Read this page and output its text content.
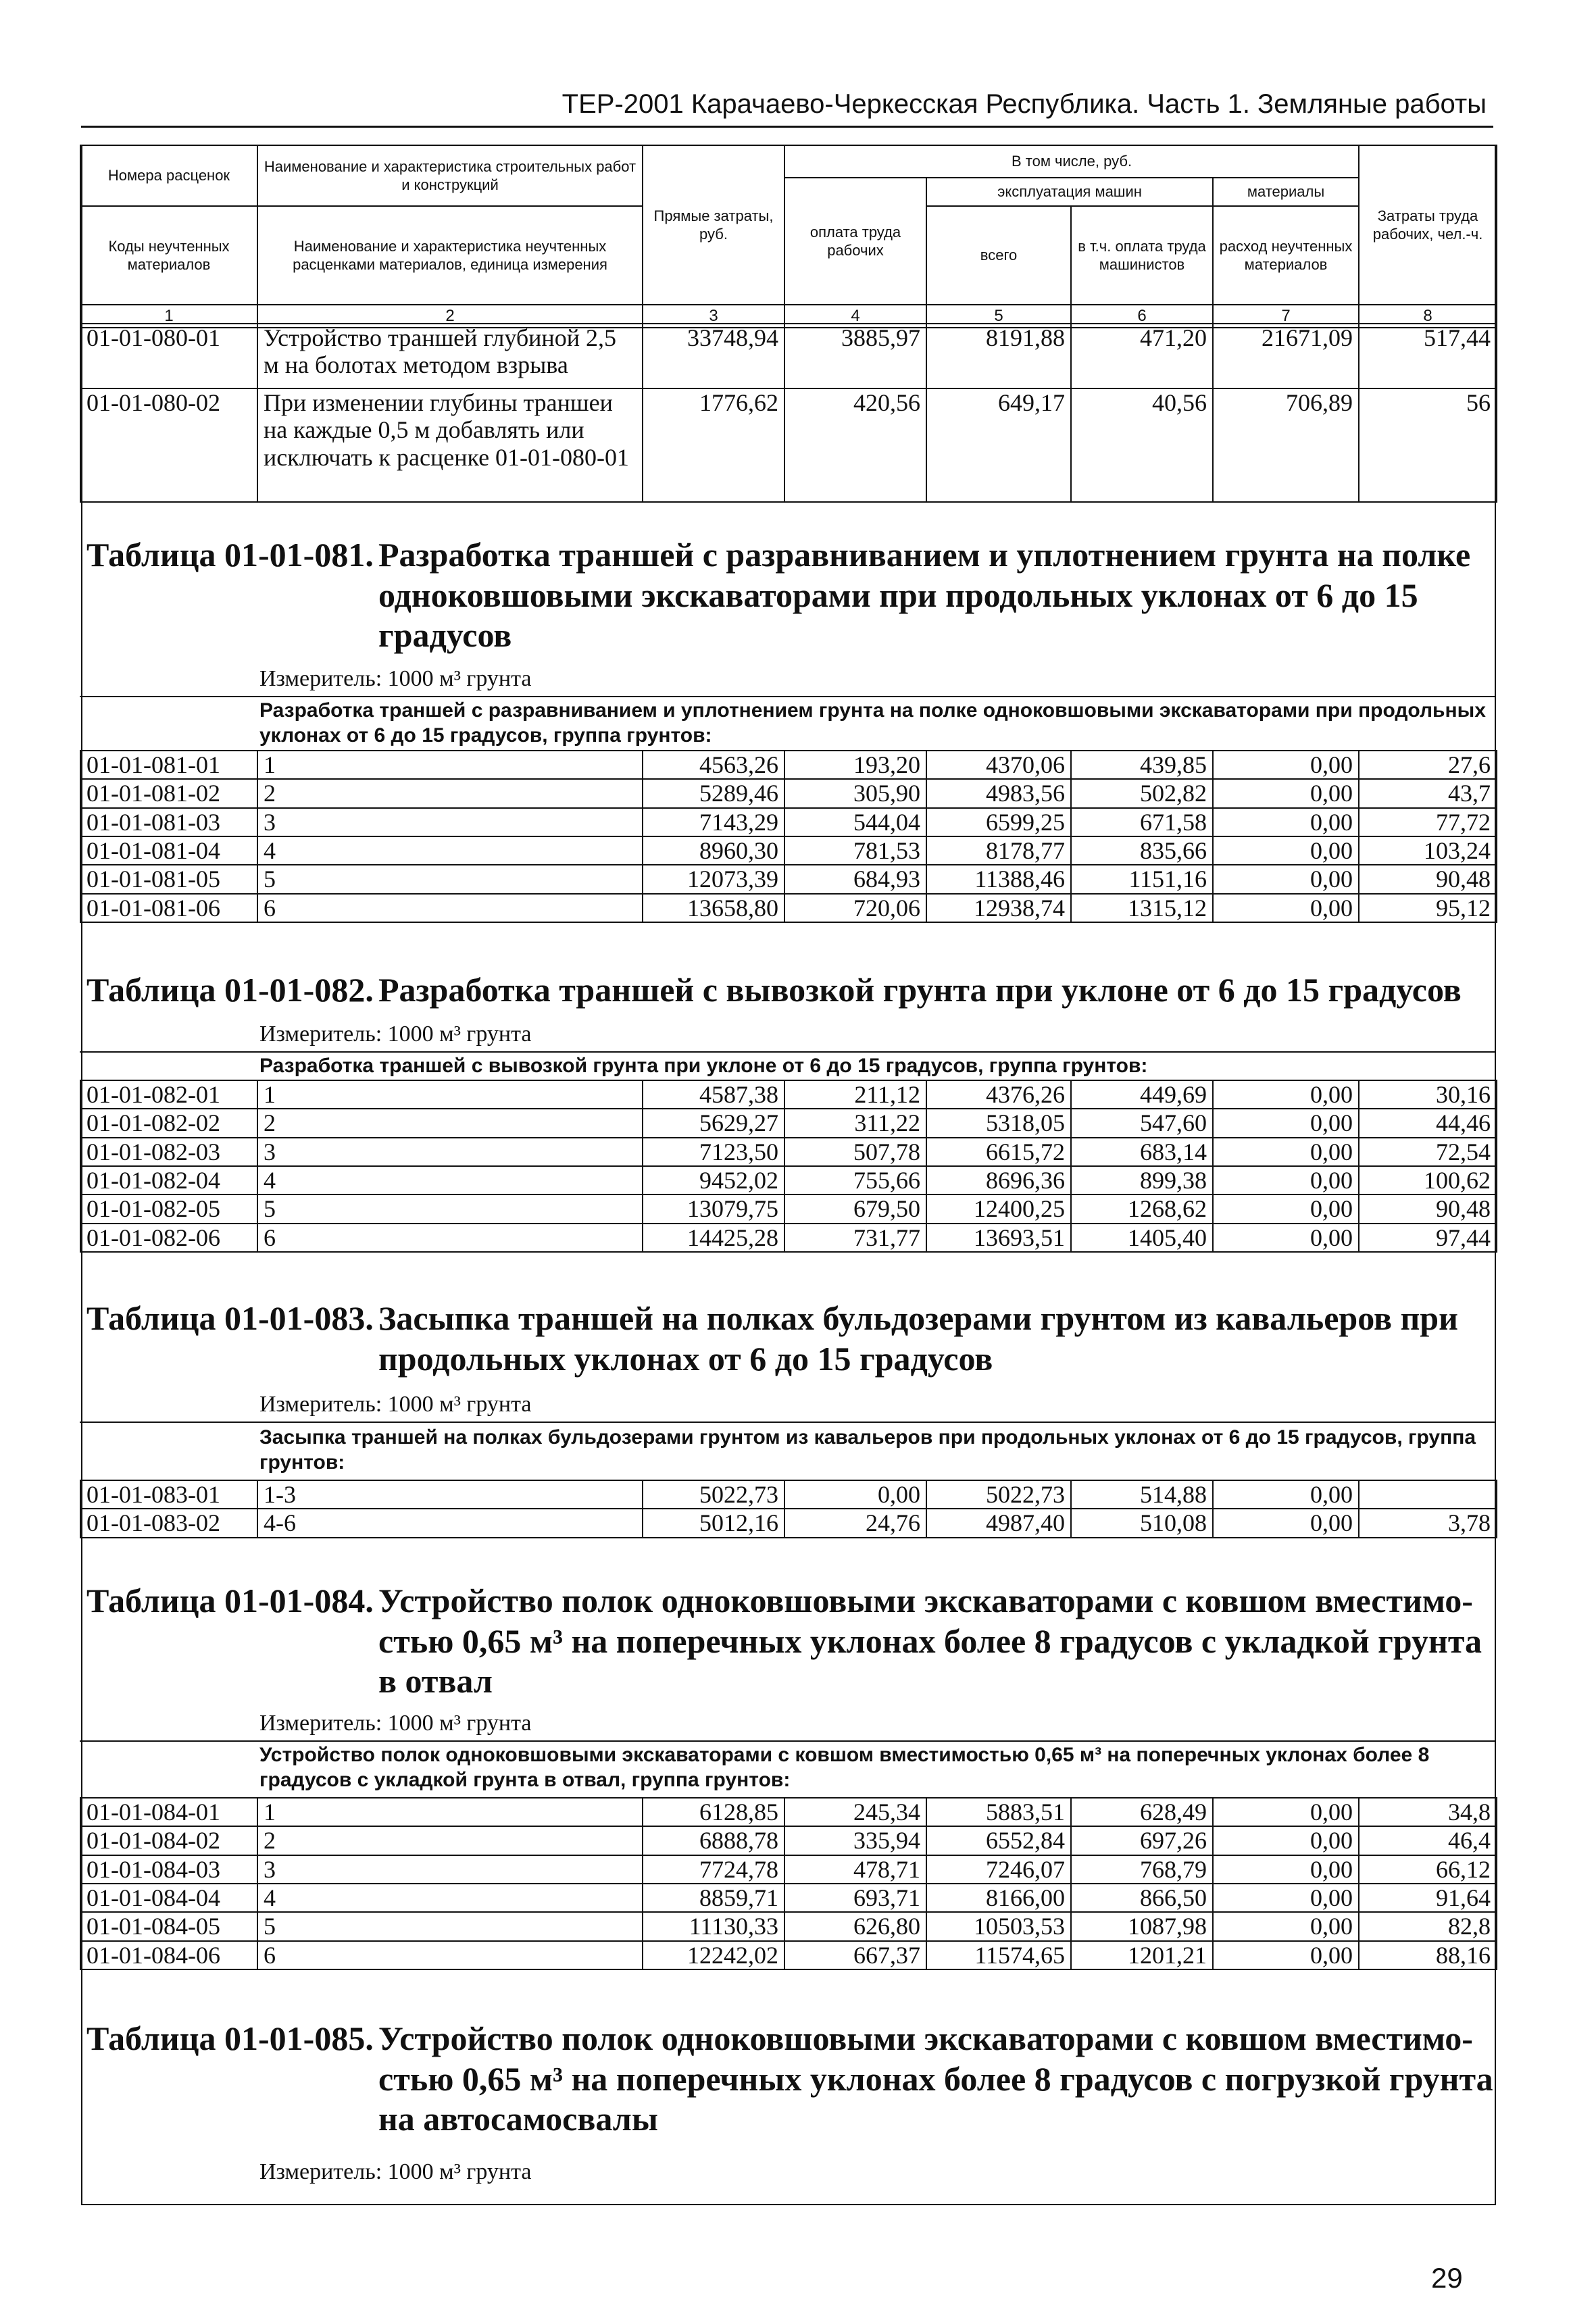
ТЕР-2001 Карачаево-Черкесская Республика. Часть 1. Земляные работы
Номера расценок	Наименование и характеристика строительных работ и конструкций	Прямые затраты, руб.	В том числе, руб.				Затраты труда рабочих, чел.-ч.
			оплата труда рабочих	эксплуатация машин		материалы	
Коды неучтенных материалов	Наименование и характеристика неучтенных расценками материалов, единица измерения			всего	в т.ч. оплата труда машинистов	расход неучтенных материалов	

1	2	3	4	5	6	7	8
01-01-080-01	Устройство траншей глубиной 2,5 м на болотах методом взрыва	33748,94	3885,97	8191,88	471,20	21671,09	517,44
01-01-080-02	При изменении глубины траншеи на каждые 0,5 м добавлять или исключать к расценке 01-01-080-01	1776,62	420,56	649,17	40,56	706,89	56
Таблица 01-01-081. Разработка траншей с разравниванием и уплотнением грунта на полке
одноковшовыми экскаваторами при продольных уклонах от 6 до 15 градусов
Измеритель: 1000 м³ грунта
Разработка траншей с разравниванием и уплотнением грунта на полке одноковшовыми экскаваторами при продольных уклонах от 6 до 15 градусов, группа грунтов:
01-01-081-01	1	4563,26	193,20	4370,06	439,85	0,00	27,6
01-01-081-02	2	5289,46	305,90	4983,56	502,82	0,00	43,7
01-01-081-03	3	7143,29	544,04	6599,25	671,58	0,00	77,72
01-01-081-04	4	8960,30	781,53	8178,77	835,66	0,00	103,24
01-01-081-05	5	12073,39	684,93	11388,46	1151,16	0,00	90,48
01-01-081-06	6	13658,80	720,06	12938,74	1315,12	0,00	95,12
Таблица 01-01-082. Разработка траншей с вывозкой грунта при уклоне от 6 до 15 градусов
Измеритель: 1000 м³ грунта
Разработка траншей с вывозкой грунта при уклоне от 6 до 15 градусов, группа грунтов:
01-01-082-01	1	4587,38	211,12	4376,26	449,69	0,00	30,16
01-01-082-02	2	5629,27	311,22	5318,05	547,60	0,00	44,46
01-01-082-03	3	7123,50	507,78	6615,72	683,14	0,00	72,54
01-01-082-04	4	9452,02	755,66	8696,36	899,38	0,00	100,62
01-01-082-05	5	13079,75	679,50	12400,25	1268,62	0,00	90,48
01-01-082-06	6	14425,28	731,77	13693,51	1405,40	0,00	97,44
Таблица 01-01-083. Засыпка траншей на полках бульдозерами грунтом из кавальеров при
продольных уклонах от 6 до 15 градусов
Измеритель: 1000 м³ грунта
Засыпка траншей на полках бульдозерами грунтом из кавальеров при продольных уклонах от 6 до 15 градусов, группа грунтов:
01-01-083-01	1-3	5022,73	0,00	5022,73	514,88	0,00	
01-01-083-02	4-6	5012,16	24,76	4987,40	510,08	0,00	3,78
Таблица 01-01-084. Устройство полок одноковшовыми экскаваторами с ковшом вместимо-
стью 0,65 м³ на поперечных уклонах более 8 градусов с укладкой грунта в отвал
Измеритель: 1000 м³ грунта
Устройство полок одноковшовыми экскаваторами с ковшом вместимостью 0,65 м³ на поперечных уклонах более 8 градусов с укладкой грунта в отвал, группа грунтов:
01-01-084-01	1	6128,85	245,34	5883,51	628,49	0,00	34,8
01-01-084-02	2	6888,78	335,94	6552,84	697,26	0,00	46,4
01-01-084-03	3	7724,78	478,71	7246,07	768,79	0,00	66,12
01-01-084-04	4	8859,71	693,71	8166,00	866,50	0,00	91,64
01-01-084-05	5	11130,33	626,80	10503,53	1087,98	0,00	82,8
01-01-084-06	6	12242,02	667,37	11574,65	1201,21	0,00	88,16
Таблица 01-01-085. Устройство полок одноковшовыми экскаваторами с ковшом вместимо-
стью 0,65 м³ на поперечных уклонах более 8 градусов с погрузкой грунта на автосамосвалы
Измеритель: 1000 м³ грунта
29
